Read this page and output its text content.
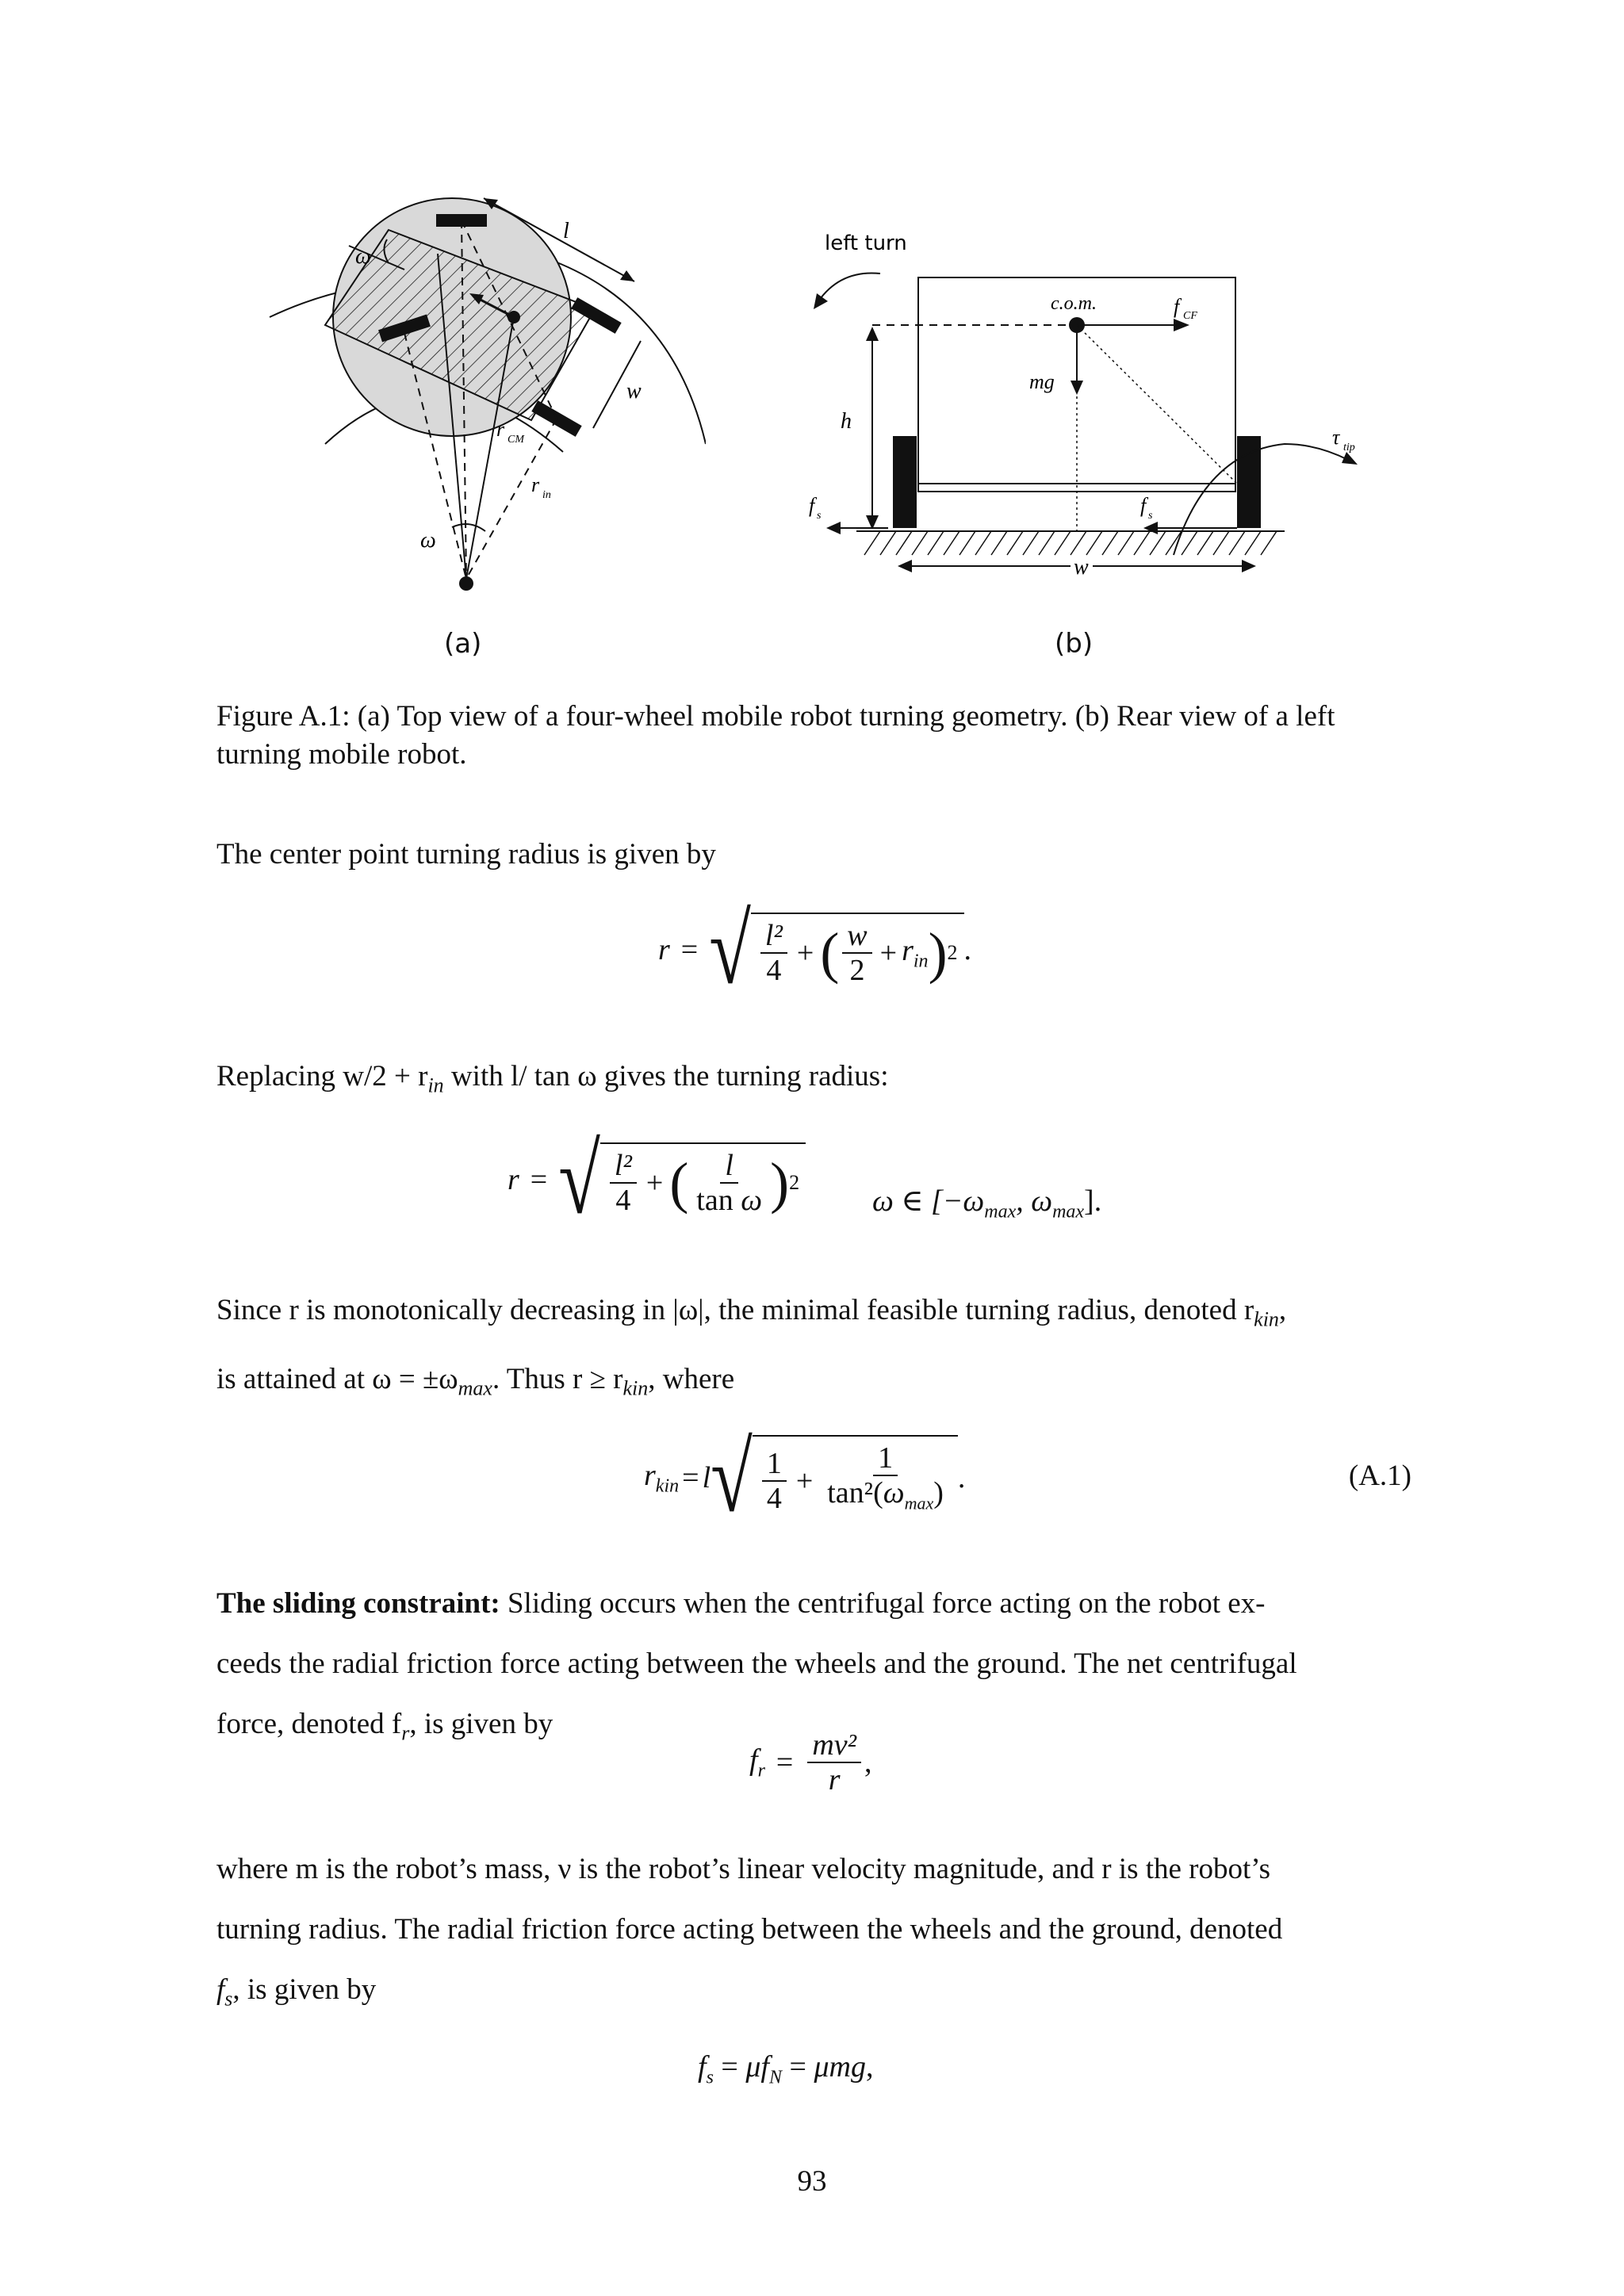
ω
l
w
r CM
r in
ω
left turn
c.o.m.	f CF
mg
h
f s	f s
τ tip
w
(a)	(b)
Figure A.1: (a) Top view of a four-wheel mobile robot turning geometry. (b) Rear view of a left turning mobile robot.
The center point turning radius is given by
r = √ $\frac{\text{l²}}{4}$ + ( $\frac{w}{2} + r_{in}$ ) 2 .
Replacing $w/2 + r_{in}$ with l/ tan ω gives the turning radius:
r = √ $\frac{\text{l²}}{4}$ + ( $\frac{l}{\text{tan ω}}$ ) 2
ω ∈ [$-\omega_{max}$, $\omega_{max}$].
Since r is monotonically decreasing in |ω|, the minimal feasible turning radius, denoted $r_{kin}$,
is attained at $\omega = \pm\omega_{max}$. Thus $r \ge r_{kin}$, where
$r_{kin} = l$ √ $\frac{1}{4} + \frac{1}{\tan^2(\omega_{max})}$ .	(A.1)
The sliding constraint: Sliding occurs when the centrifugal force acting on the robot ex-
ceeds the radial friction force acting between the wheels and the ground. The net centrifugal
force, denoted $f_r$, is given by
$f_r = \frac{\text{mν²}}{r}$ ,
where m is the robot’s mass, ν is the robot’s linear velocity magnitude, and r is the robot’s
turning radius. The radial friction force acting between the wheels and the ground, denoted
$f_s$, is given by
$f_s = \mu f_N = \mu mg$,
93
